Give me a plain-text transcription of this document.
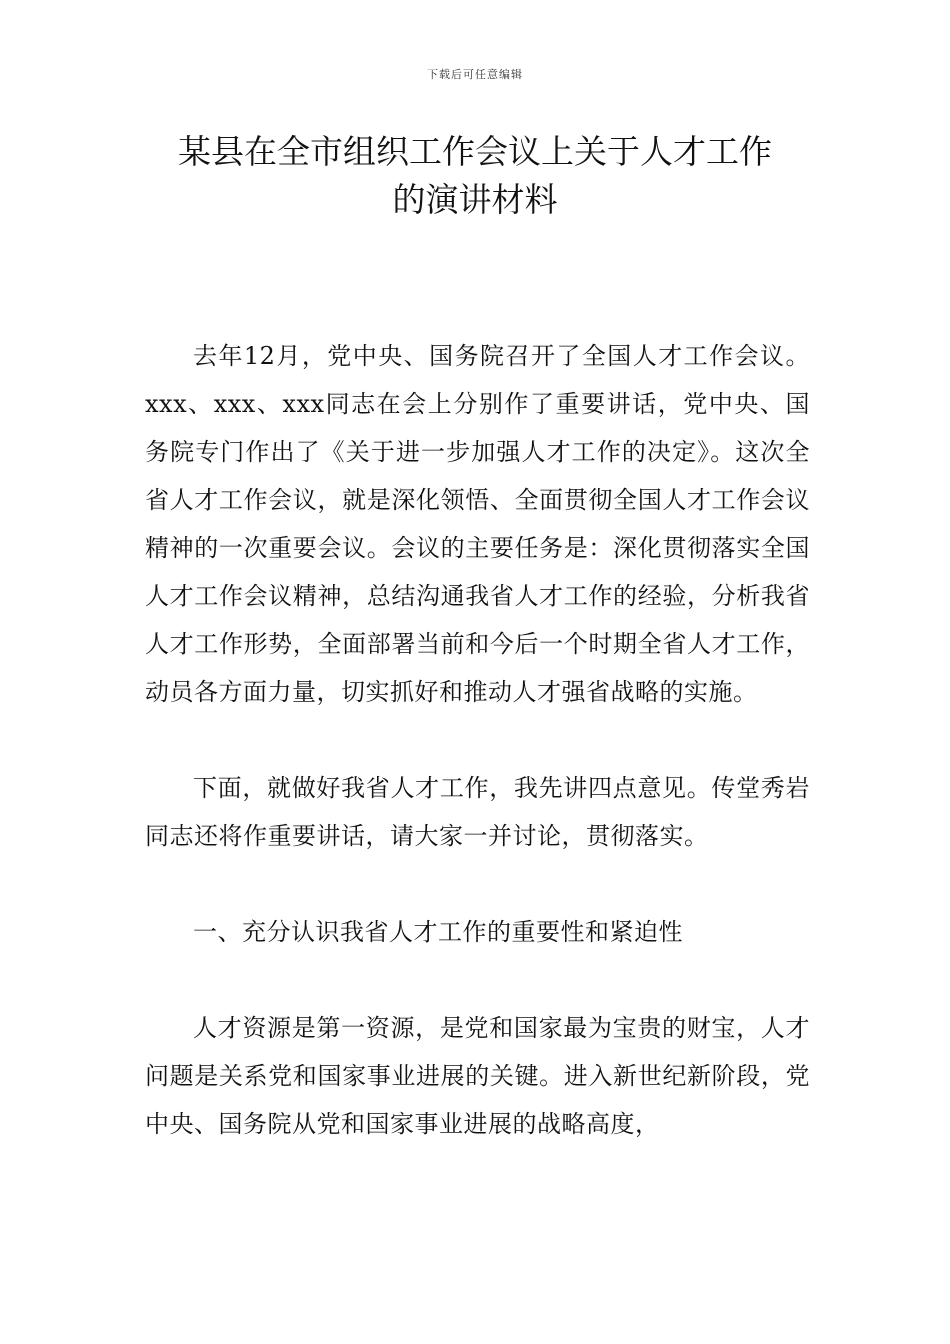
下载后可任意编辑
某县在全市组织工作会议上关于人才工作
的演讲材料

去年12月，党中央、国务院召开了全国人才工作会议。xxx、xxx、xxx同志在会上分别作了重要讲话，党中央、国务院专门作出了《关于进一步加强人才工作的决定》。这次全省人才工作会议，就是深化领悟、全面贯彻全国人才工作会议精神的一次重要会议。会议的主要任务是：深化贯彻落实全国人才工作会议精神，总结沟通我省人才工作的经验，分析我省人才工作形势，全面部署当前和今后一个时期全省人才工作，动员各方面力量，切实抓好和推动人才强省战略的实施。

下面，就做好我省人才工作，我先讲四点意见。传堂秀岩同志还将作重要讲话，请大家一并讨论，贯彻落实。

一、充分认识我省人才工作的重要性和紧迫性

人才资源是第一资源，是党和国家最为宝贵的财宝，人才问题是关系党和国家事业进展的关键。进入新世纪新阶段，党中央、国务院从党和国家事业进展的战略高度，
